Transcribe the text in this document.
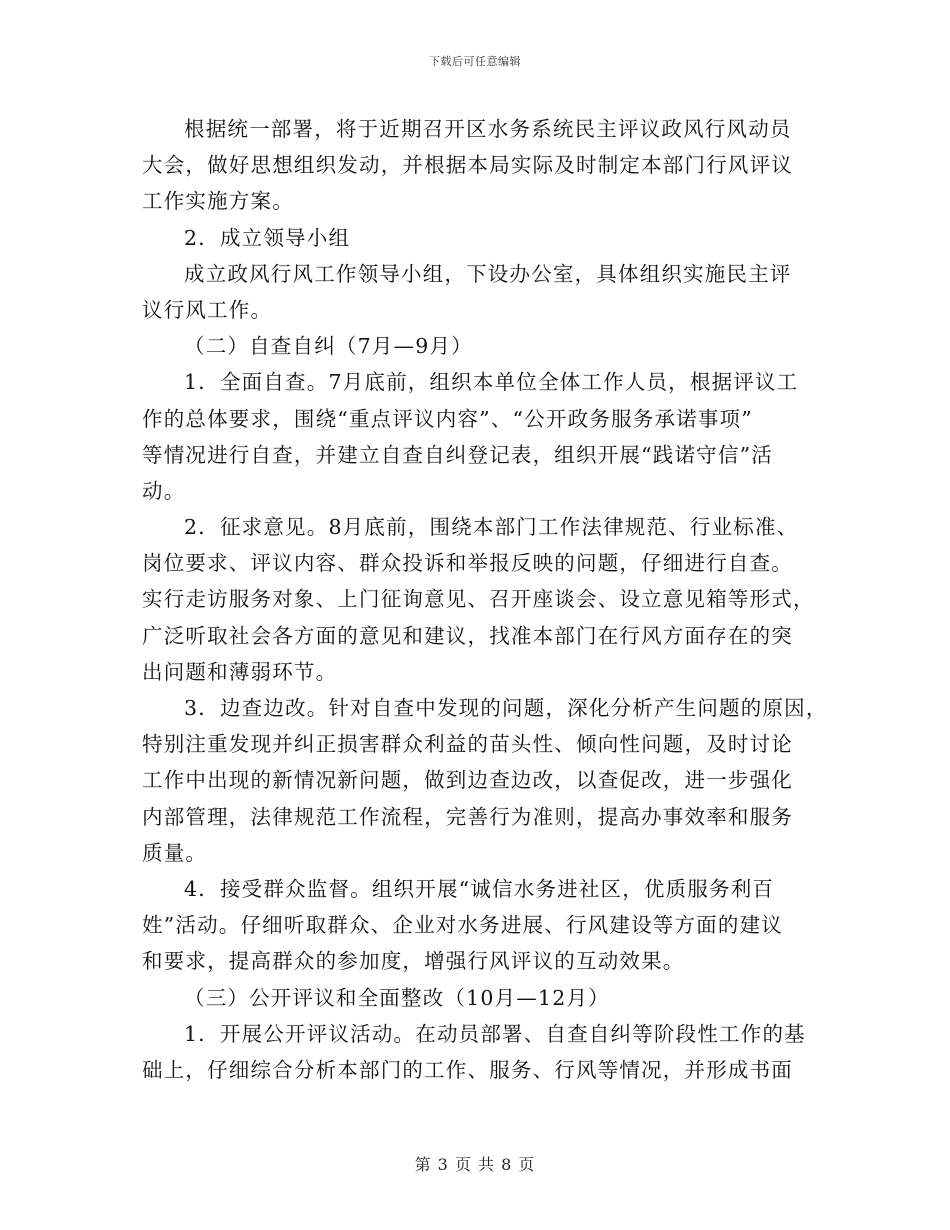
下载后可任意编辑
根据统一部署，将于近期召开区水务系统民主评议政风行风动员
大会，做好思想组织发动，并根据本局实际及时制定本部门行风评议
工作实施方案。
2．成立领导小组
成立政风行风工作领导小组，下设办公室，具体组织实施民主评
议行风工作。
（二）自查自纠（7月—9月）
1．全面自查。7月底前，组织本单位全体工作人员，根据评议工
作的总体要求，围绕“重点评议内容”、“公开政务服务承诺事项”
等情况进行自查，并建立自查自纠登记表，组织开展“践诺守信”活
动。
2．征求意见。8月底前，围绕本部门工作法律规范、行业标准、
岗位要求、评议内容、群众投诉和举报反映的问题，仔细进行自查。
实行走访服务对象、上门征询意见、召开座谈会、设立意见箱等形式，
广泛听取社会各方面的意见和建议，找准本部门在行风方面存在的突
出问题和薄弱环节。
3．边查边改。针对自查中发现的问题，深化分析产生问题的原因，
特别注重发现并纠正损害群众利益的苗头性、倾向性问题，及时讨论
工作中出现的新情况新问题，做到边查边改，以查促改，进一步强化
内部管理，法律规范工作流程，完善行为准则，提高办事效率和服务
质量。
4．接受群众监督。组织开展“诚信水务进社区，优质服务利百
姓”活动。仔细听取群众、企业对水务进展、行风建设等方面的建议
和要求，提高群众的参加度，增强行风评议的互动效果。
（三）公开评议和全面整改（10月—12月）
1．开展公开评议活动。在动员部署、自查自纠等阶段性工作的基
础上，仔细综合分析本部门的工作、服务、行风等情况，并形成书面
第 3 页 共 8 页
